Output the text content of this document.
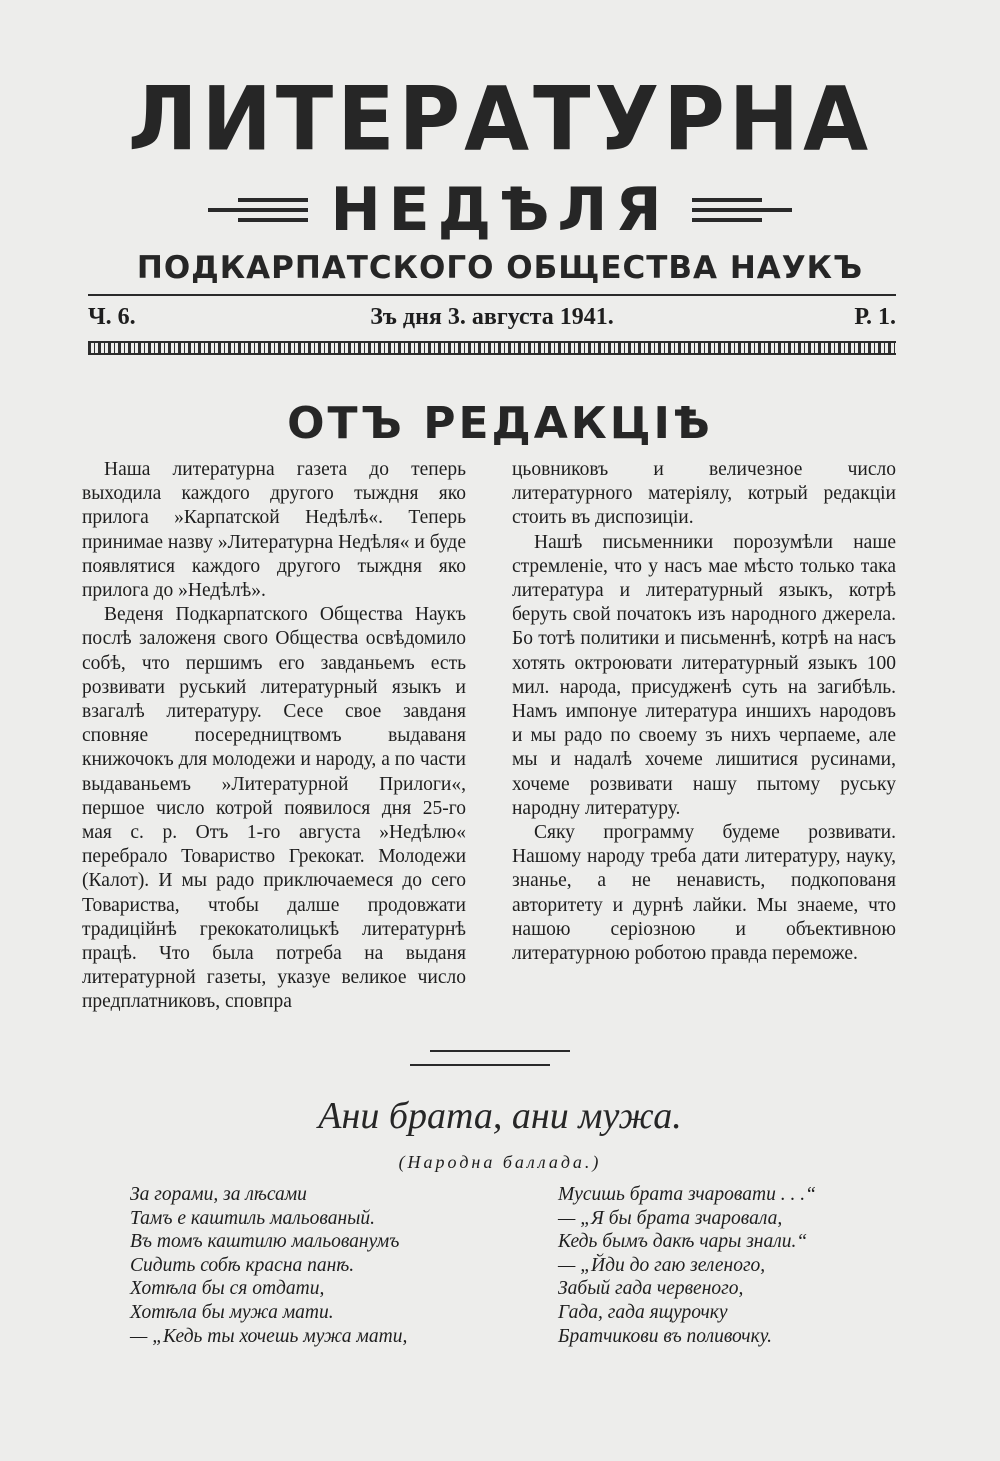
ЛИТЕРАТУРНА
НЕДѢЛЯ
ПОДКАРПАТСКОГО ОБЩЕСТВА НАУКЪ
Ч. 6.	Зъ дня 3. августа 1941.	Р. 1.
ОТЪ РЕДАКЦІѢ

Наша литературна газета до теперь выходила каждого другого тыждня яко прилога »Карпатской Недѣлѣ«. Теперь принимае назву »Литературна Недѣля« и буде появлятися каждого другого тыждня яко прилога до »Недѣлѣ».

Веденя Подкарпатского Общества Наукъ послѣ заложеня свого Общества освѣдомило собѣ, что першимъ его завданьемъ есть розвивати руський литературный языкъ и взагалѣ литературу. Сесе свое завданя сповняе посередництвомъ выдаваня книжочокъ для молодежи и народу, а по части выдаваньемъ »Литературной Прилоги«, першое число котрой появилося дня 25-го мая с. р. Отъ 1-го августа »Недѣлю« перебрало Товариство Грекокат. Молодежи (Калот). И мы радо приключаемеся до сего Товариства, чтобы далше продовжати традиційнѣ грекокатолицькѣ литературнѣ працѣ. Что была потреба на выданя литературной газеты, указуе великое число предплатниковъ, сповпра

цьовниковъ и величезное число литературного матеріялу, котрый редакціи стоить въ диспозиціи.

Нашѣ письменники порозумѣли наше стремленіе, что у насъ мае мѣсто только така литература и литературный языкъ, котрѣ беруть свой початокъ изъ народного джерела. Бо тотѣ политики и письменнѣ, котрѣ на насъ хотять октроювати литературный языкъ 100 мил. народа, присудженѣ суть на загибѣль. Намъ импонуе литература иншихъ народовъ и мы радо по своему зъ нихъ черпаеме, але мы и надалѣ хочеме лишитися русинами, хочеме розвивати нашу пытому руську народну литературу.

Сяку программу будеме розвивати. Нашому народу треба дати литературу, науку, знанье, а не ненависть, подкопованя авторитету и дурнѣ лайки. Мы знаеме, что нашою серіозною и объективною литературною роботою правда переможе.

Ани брата, ани мужа.
(Народна баллада.)
За горами, за лѣсами
Тамъ е каштиль мальованый.
Въ томъ каштилю мальованумъ
Сидить собѣ красна панѣ.
Хотѣла бы ся отдати,
Хотѣла бы мужа мати.
— „Кедь ты хочешь мужа мати,
Мусишь брата зчаровати . . .“
— „Я бы брата зчаровала,
Кедь бымъ дакѣ чары знали.“
— „Йди до гаю зеленого,
Забый гада червеного,
Гада, гада ящурочку
Братчикови въ поливочку.
